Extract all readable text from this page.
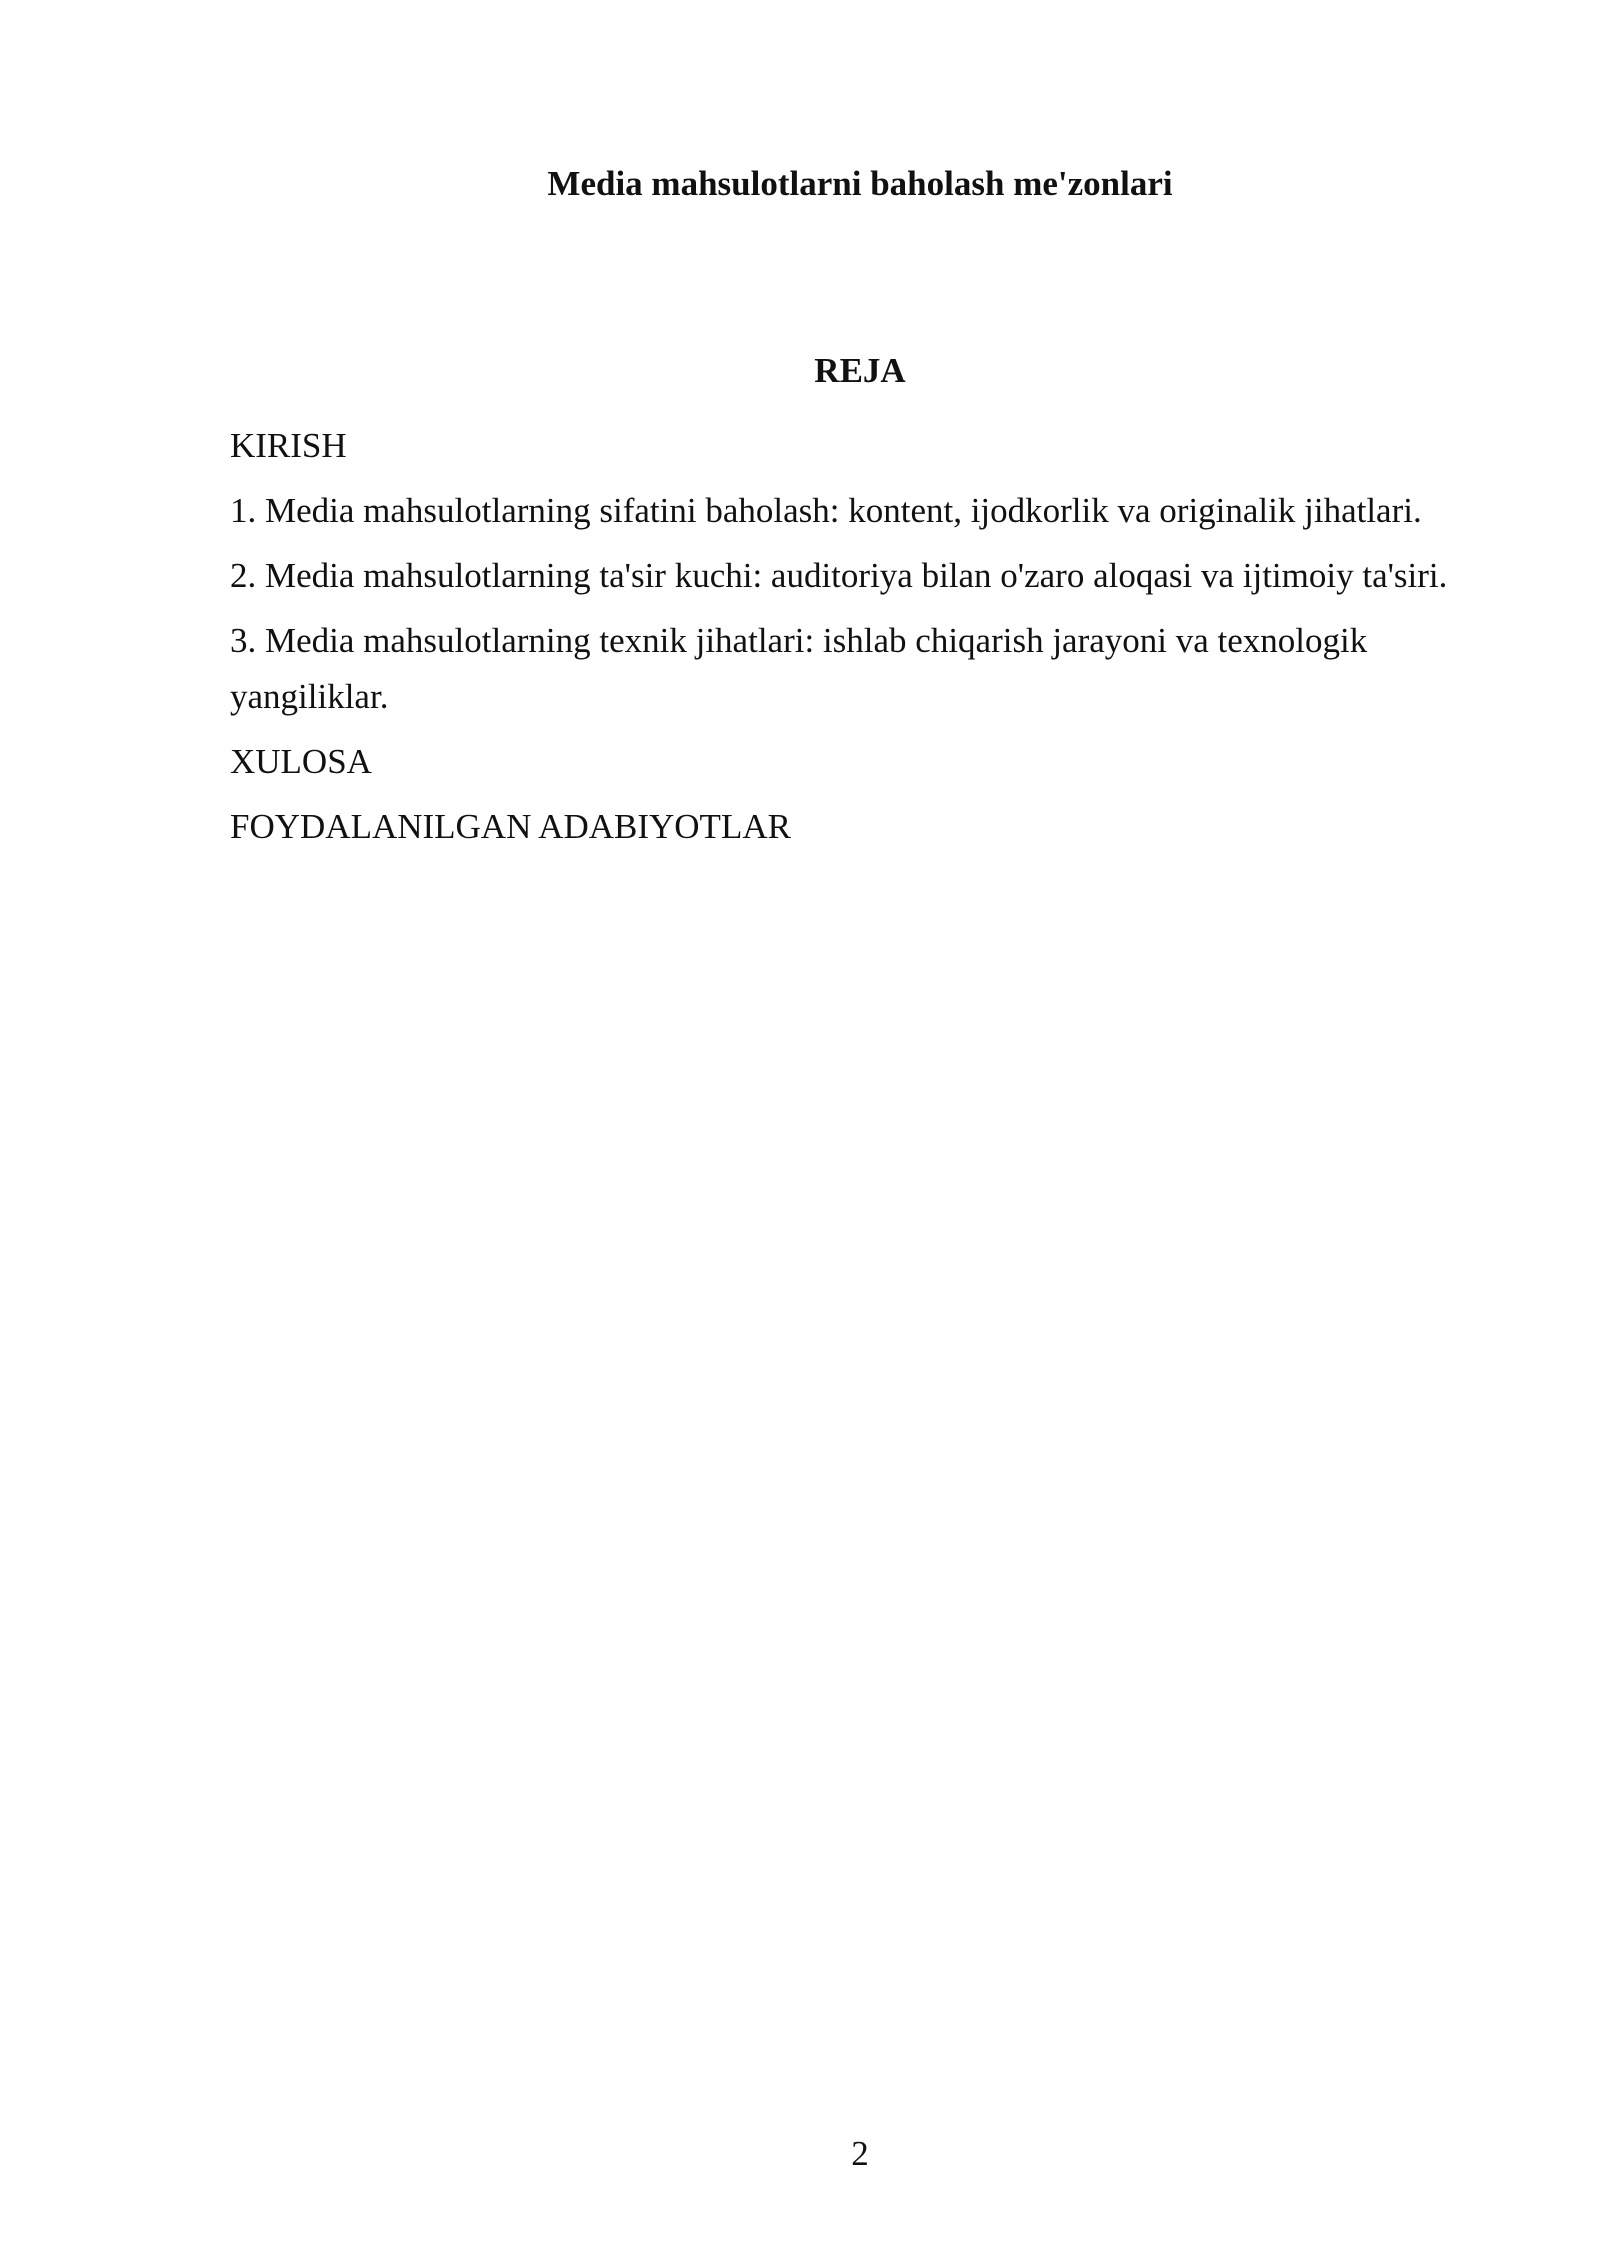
Media mahsulotlarni baholash me'zonlari
REJA
KIRISH
1. Media mahsulotlarning sifatini baholash: kontent, ijodkorlik va originalik jihatlari.
2. Media mahsulotlarning ta'sir kuchi: auditoriya bilan o'zaro aloqasi va ijtimoiy ta'siri.
3. Media mahsulotlarning texnik jihatlari: ishlab chiqarish jarayoni va texnologik yangiliklar.
XULOSA
FOYDALANILGAN ADABIYOTLAR
2
